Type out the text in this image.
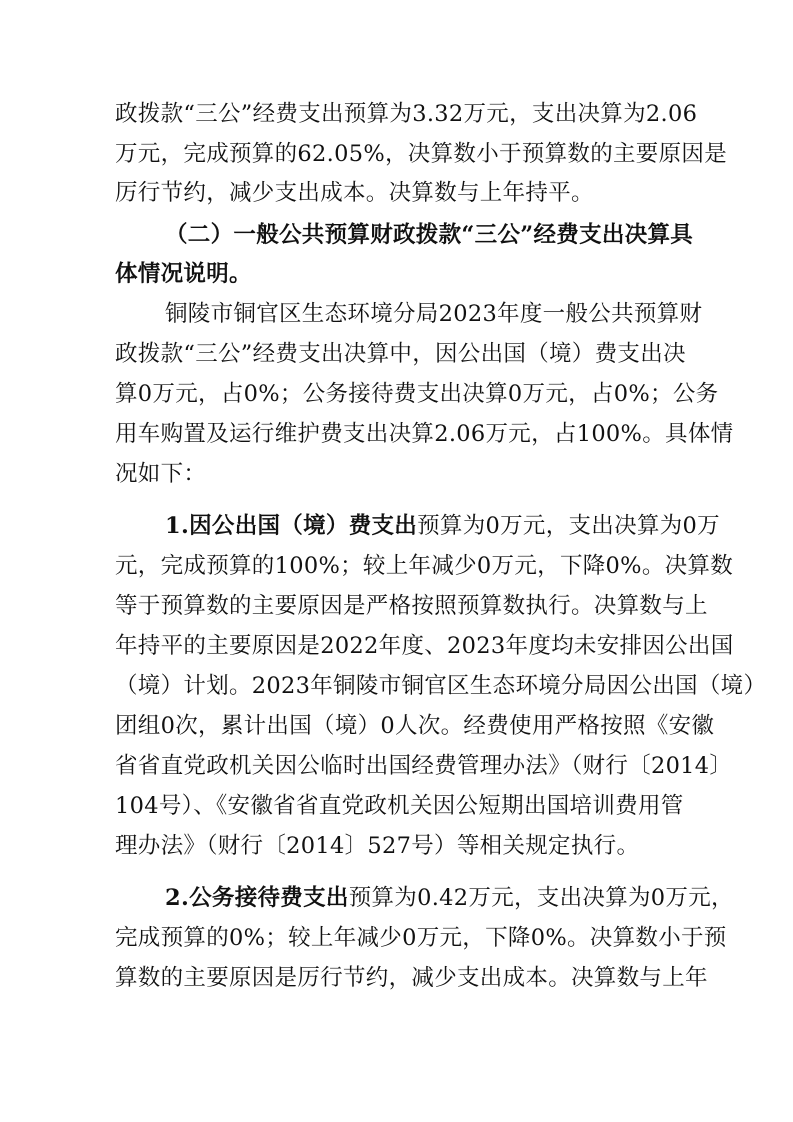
政拨款“三公”经费支出预算为3.32万元，支出决算为2.06
万元，完成预算的62.05%，决算数小于预算数的主要原因是
厉行节约，减少支出成本。决算数与上年持平。
（二）一般公共预算财政拨款“三公”经费支出决算具
体情况说明。
铜陵市铜官区生态环境分局2023年度一般公共预算财
政拨款“三公”经费支出决算中，因公出国（境）费支出决
算0万元，占0%；公务接待费支出决算0万元，占0%；公务
用车购置及运行维护费支出决算2.06万元，占100%。具体情
况如下：
1.因公出国（境）费支出预算为0万元，支出决算为0万
元，完成预算的100%；较上年减少0万元，下降0%。决算数
等于预算数的主要原因是严格按照预算数执行。决算数与上
年持平的主要原因是2022年度、2023年度均未安排因公出国
（境）计划。2023年铜陵市铜官区生态环境分局因公出国（境）
团组0次，累计出国（境）0人次。经费使用严格按照《安徽
省省直党政机关因公临时出国经费管理办法》（财行〔2014〕
104号）、《安徽省省直党政机关因公短期出国培训费用管
理办法》（财行〔2014〕527号）等相关规定执行。
2.公务接待费支出预算为0.42万元，支出决算为0万元，
完成预算的0%；较上年减少0万元，下降0%。决算数小于预
算数的主要原因是厉行节约，减少支出成本。决算数与上年
